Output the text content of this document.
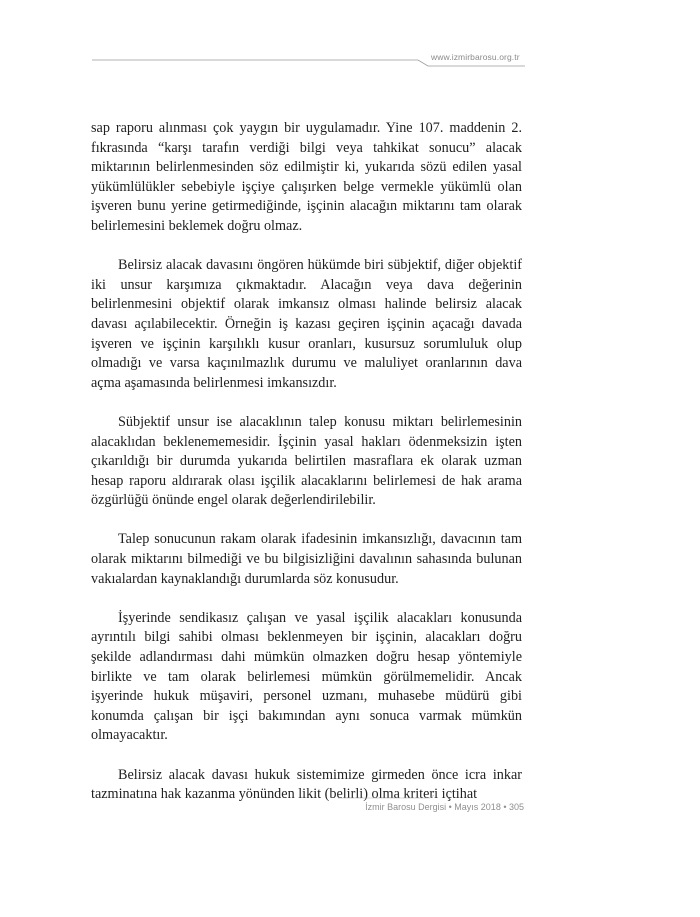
www.izmirbarosu.org.tr

sap raporu alınması çok yaygın bir uygulamadır. Yine 107. maddenin 2. fıkrasında “karşı tarafın verdiği bilgi veya tahkikat sonucu” alacak miktarının belirlenmesinden söz edilmiştir ki, yukarıda sözü edilen yasal yükümlülükler sebebiyle işçiye çalışırken belge vermekle yükümlü olan işveren bunu yerine getirmediğinde, işçinin alacağın miktarını tam olarak belirlemesini beklemek doğru olmaz.

Belirsiz alacak davasını öngören hükümde biri sübjektif, diğer objektif iki unsur karşımıza çıkmaktadır. Alacağın veya dava değerinin belirlenmesini objektif olarak imkansız olması halinde belirsiz alacak davası açılabilecektir. Örneğin iş kazası geçiren işçinin açacağı davada işveren ve işçinin karşılıklı kusur oranları, kusursuz sorumluluk olup olmadığı ve varsa kaçınılmazlık durumu ve maluliyet oranlarının dava açma aşamasında belirlenmesi imkansızdır.

Sübjektif unsur ise alacaklının talep konusu miktarı belirlemesinin alacaklıdan beklenememesidir. İşçinin yasal hakları ödenmeksizin işten çıkarıldığı bir durumda yukarıda belirtilen masraflara ek olarak uzman hesap raporu aldırarak olası işçilik alacaklarını belirlemesi de hak arama özgürlüğü önünde engel olarak değerlendirilebilir.

Talep sonucunun rakam olarak ifadesinin imkansızlığı, davacının tam olarak miktarını bilmediği ve bu bilgisizliğini davalının sahasında bulunan vakıalardan kaynaklandığı durumlarda söz konusudur.

İşyerinde sendikasız çalışan ve yasal işçilik alacakları konusunda ayrıntılı bilgi sahibi olması beklenmeyen bir işçinin, alacakları doğru şekilde adlandırması dahi mümkün olmazken doğru hesap yöntemiyle birlikte ve tam olarak belirlemesi mümkün görülmemelidir. Ancak işyerinde hukuk müşaviri, personel uzmanı, muhasebe müdürü gibi konumda çalışan bir işçi bakımından aynı sonuca varmak mümkün olmayacaktır.

Belirsiz alacak davası hukuk sistemimize girmeden önce icra inkar tazminatına hak kazanma yönünden likit (belirli) olma kriteri içtihat

İzmir Barosu Dergisi • Mayıs 2018 • 305
